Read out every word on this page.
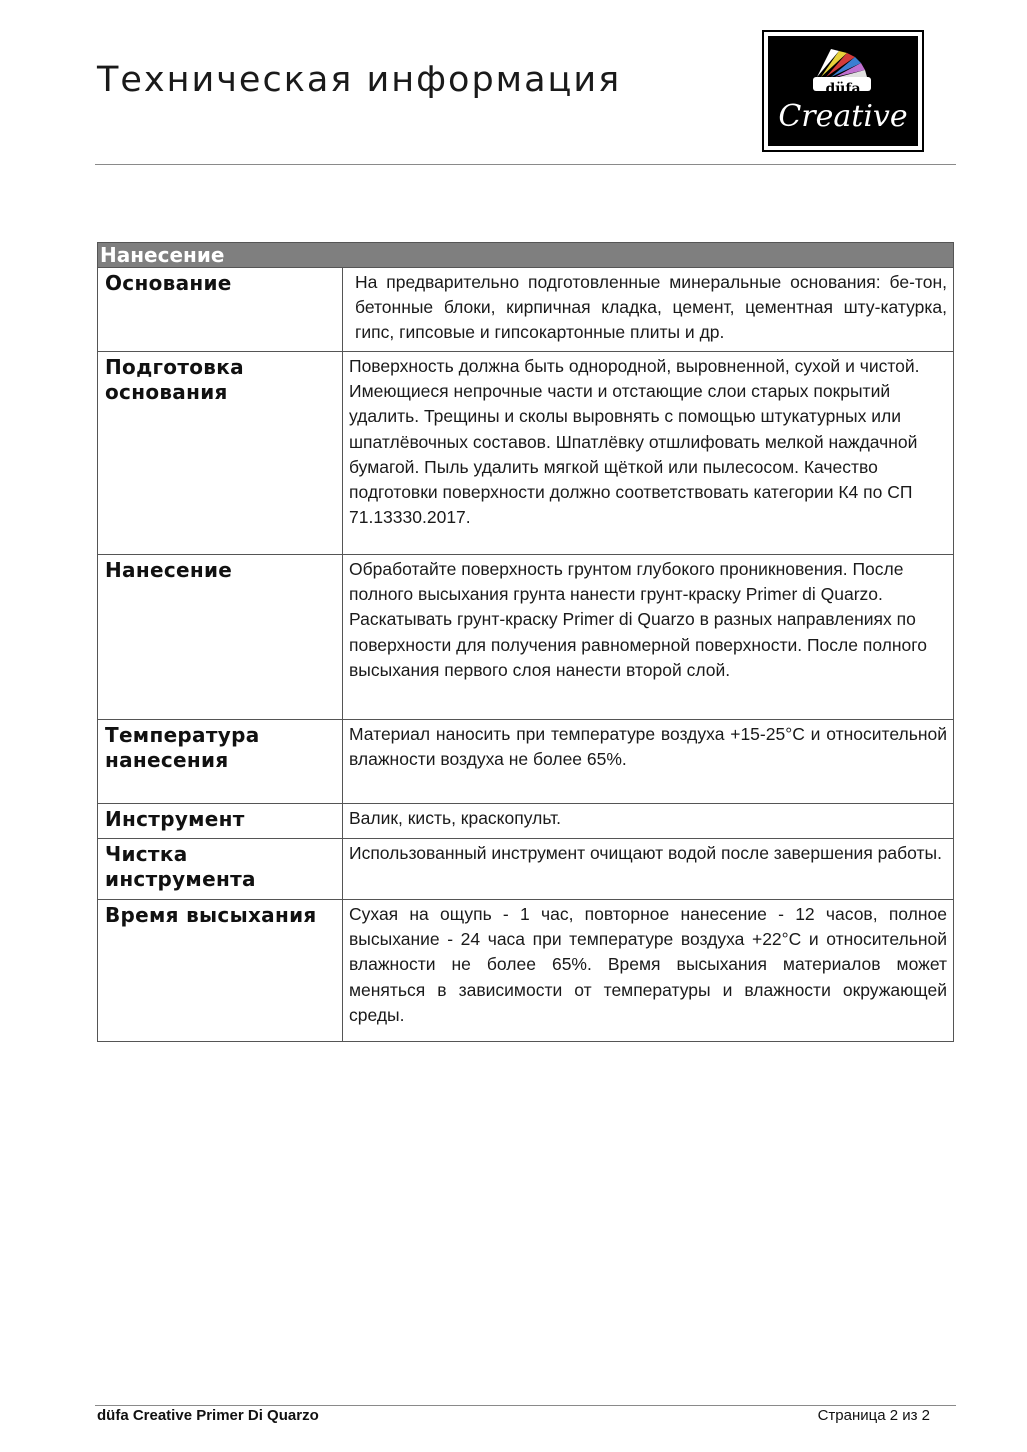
Техническая информация	düfa
Creative
Нанесение	

Основание	На предварительно подготовленные минеральные основания: бе-тон, бетонные блоки, кирпичная кладка, цемент, цементная шту-катурка, гипс, гипсовые и гипсокартонные плиты и др.

Подготовка
основания	Поверхность должна быть однородной, выровненной, сухой и чистой. Имеющиеся непрочные части и отстающие слои старых покрытий удалить. Трещины и сколы выровнять с помощью штукатурных или шпатлёвочных составов. Шпатлёвку отшлифовать мелкой наждачной бумагой. Пыль удалить мягкой щёткой или пылесосом. Качество подготовки поверхности должно соответствовать категории К4 по СП 71.13330.2017.

Нанесение	Обработайте поверхность грунтом глубокого проникновения. После полного высыхания грунта нанести грунт-краску Primer di Quarzo. Раскатывать грунт-краску Primer di Quarzo в разных направлениях по поверхности для получения равномерной поверхности. После полного высыхания первого слоя нанести второй слой.

Температура
нанесения	Материал наносить при температуре воздуха +15-25°C и относительной влажности воздуха не более 65%.

Инструмент	Валик, кисть, краскопульт.

Чистка
инструмента	Использованный инструмент очищают водой после завершения работы.

Время высыхания	Сухая на ощупь - 1 час, повторное нанесение - 12 часов, полное высыхание - 24 часа при температуре воздуха +22°C и относительной влажности не более 65%. Время высыхания материалов может меняться в зависимости от температуры и влажности окружающей среды.
düfa Creative Primer Di Quarzo	Страница 2 из 2
